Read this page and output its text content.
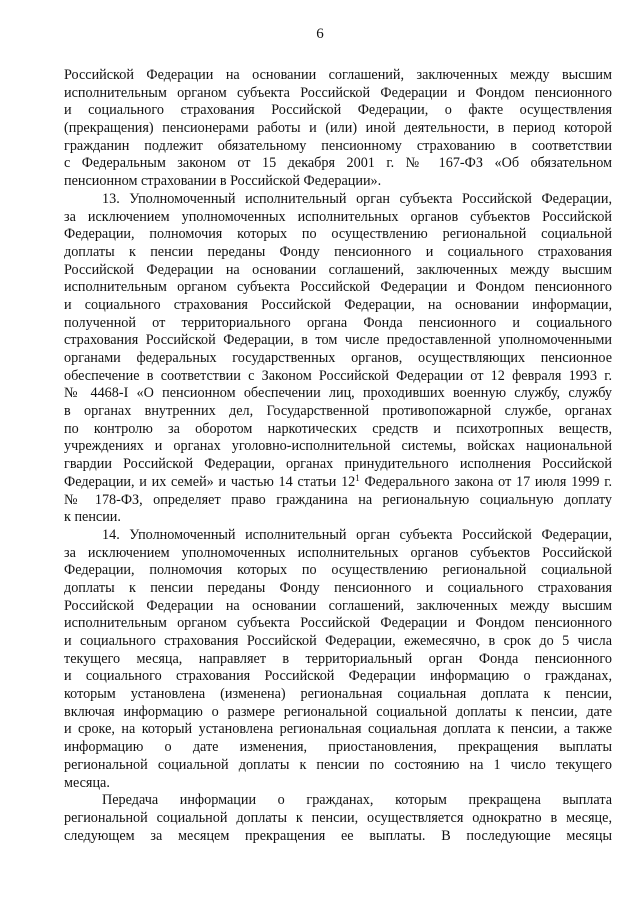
6
Российской Федерации на основании соглашений, заключенных между высшим
исполнительным органом субъекта Российской Федерации и Фондом пенсионного
и социального страхования Российской Федерации, о факте осуществления
(прекращения) пенсионерами работы и (или) иной деятельности, в период которой
гражданин подлежит обязательному пенсионному страхованию в соответствии
с Федеральным законом от 15 декабря 2001 г. № 167-ФЗ «Об обязательном
пенсионном страховании в Российской Федерации».
13. Уполномоченный исполнительный орган субъекта Российской Федерации,
за исключением уполномоченных исполнительных органов субъектов Российской
Федерации, полномочия которых по осуществлению региональной социальной
доплаты к пенсии переданы Фонду пенсионного и социального страхования
Российской Федерации на основании соглашений, заключенных между высшим
исполнительным органом субъекта Российской Федерации и Фондом пенсионного
и социального страхования Российской Федерации, на основании информации,
полученной от территориального органа Фонда пенсионного и социального
страхования Российской Федерации, в том числе предоставленной уполномоченными
органами федеральных государственных органов, осуществляющих пенсионное
обеспечение в соответствии с Законом Российской Федерации от 12 февраля 1993 г.
№ 4468-I «О пенсионном обеспечении лиц, проходивших военную службу, службу
в органах внутренних дел, Государственной противопожарной службе, органах
по контролю за оборотом наркотических средств и психотропных веществ,
учреждениях и органах уголовно-исполнительной системы, войсках национальной
гвардии Российской Федерации, органах принудительного исполнения Российской
Федерации, и их семей» и частью 14 статьи $12^1$ Федерального закона от 17 июля 1999 г.
№ 178-ФЗ, определяет право гражданина на региональную социальную доплату
к пенсии.
14. Уполномоченный исполнительный орган субъекта Российской Федерации,
за исключением уполномоченных исполнительных органов субъектов Российской
Федерации, полномочия которых по осуществлению региональной социальной
доплаты к пенсии переданы Фонду пенсионного и социального страхования
Российской Федерации на основании соглашений, заключенных между высшим
исполнительным органом субъекта Российской Федерации и Фондом пенсионного
и социального страхования Российской Федерации, ежемесячно, в срок до 5 числа
текущего месяца, направляет в территориальный орган Фонда пенсионного
и социального страхования Российской Федерации информацию о гражданах,
которым установлена (изменена) региональная социальная доплата к пенсии,
включая информацию о размере региональной социальной доплаты к пенсии, дате
и сроке, на который установлена региональная социальная доплата к пенсии, а также
информацию о дате изменения, приостановления, прекращения выплаты
региональной социальной доплаты к пенсии по состоянию на 1 число текущего
месяца.
Передача информации о гражданах, которым прекращена выплата
региональной социальной доплаты к пенсии, осуществляется однократно в месяце,
следующем за месяцем прекращения ее выплаты. В последующие месяцы
